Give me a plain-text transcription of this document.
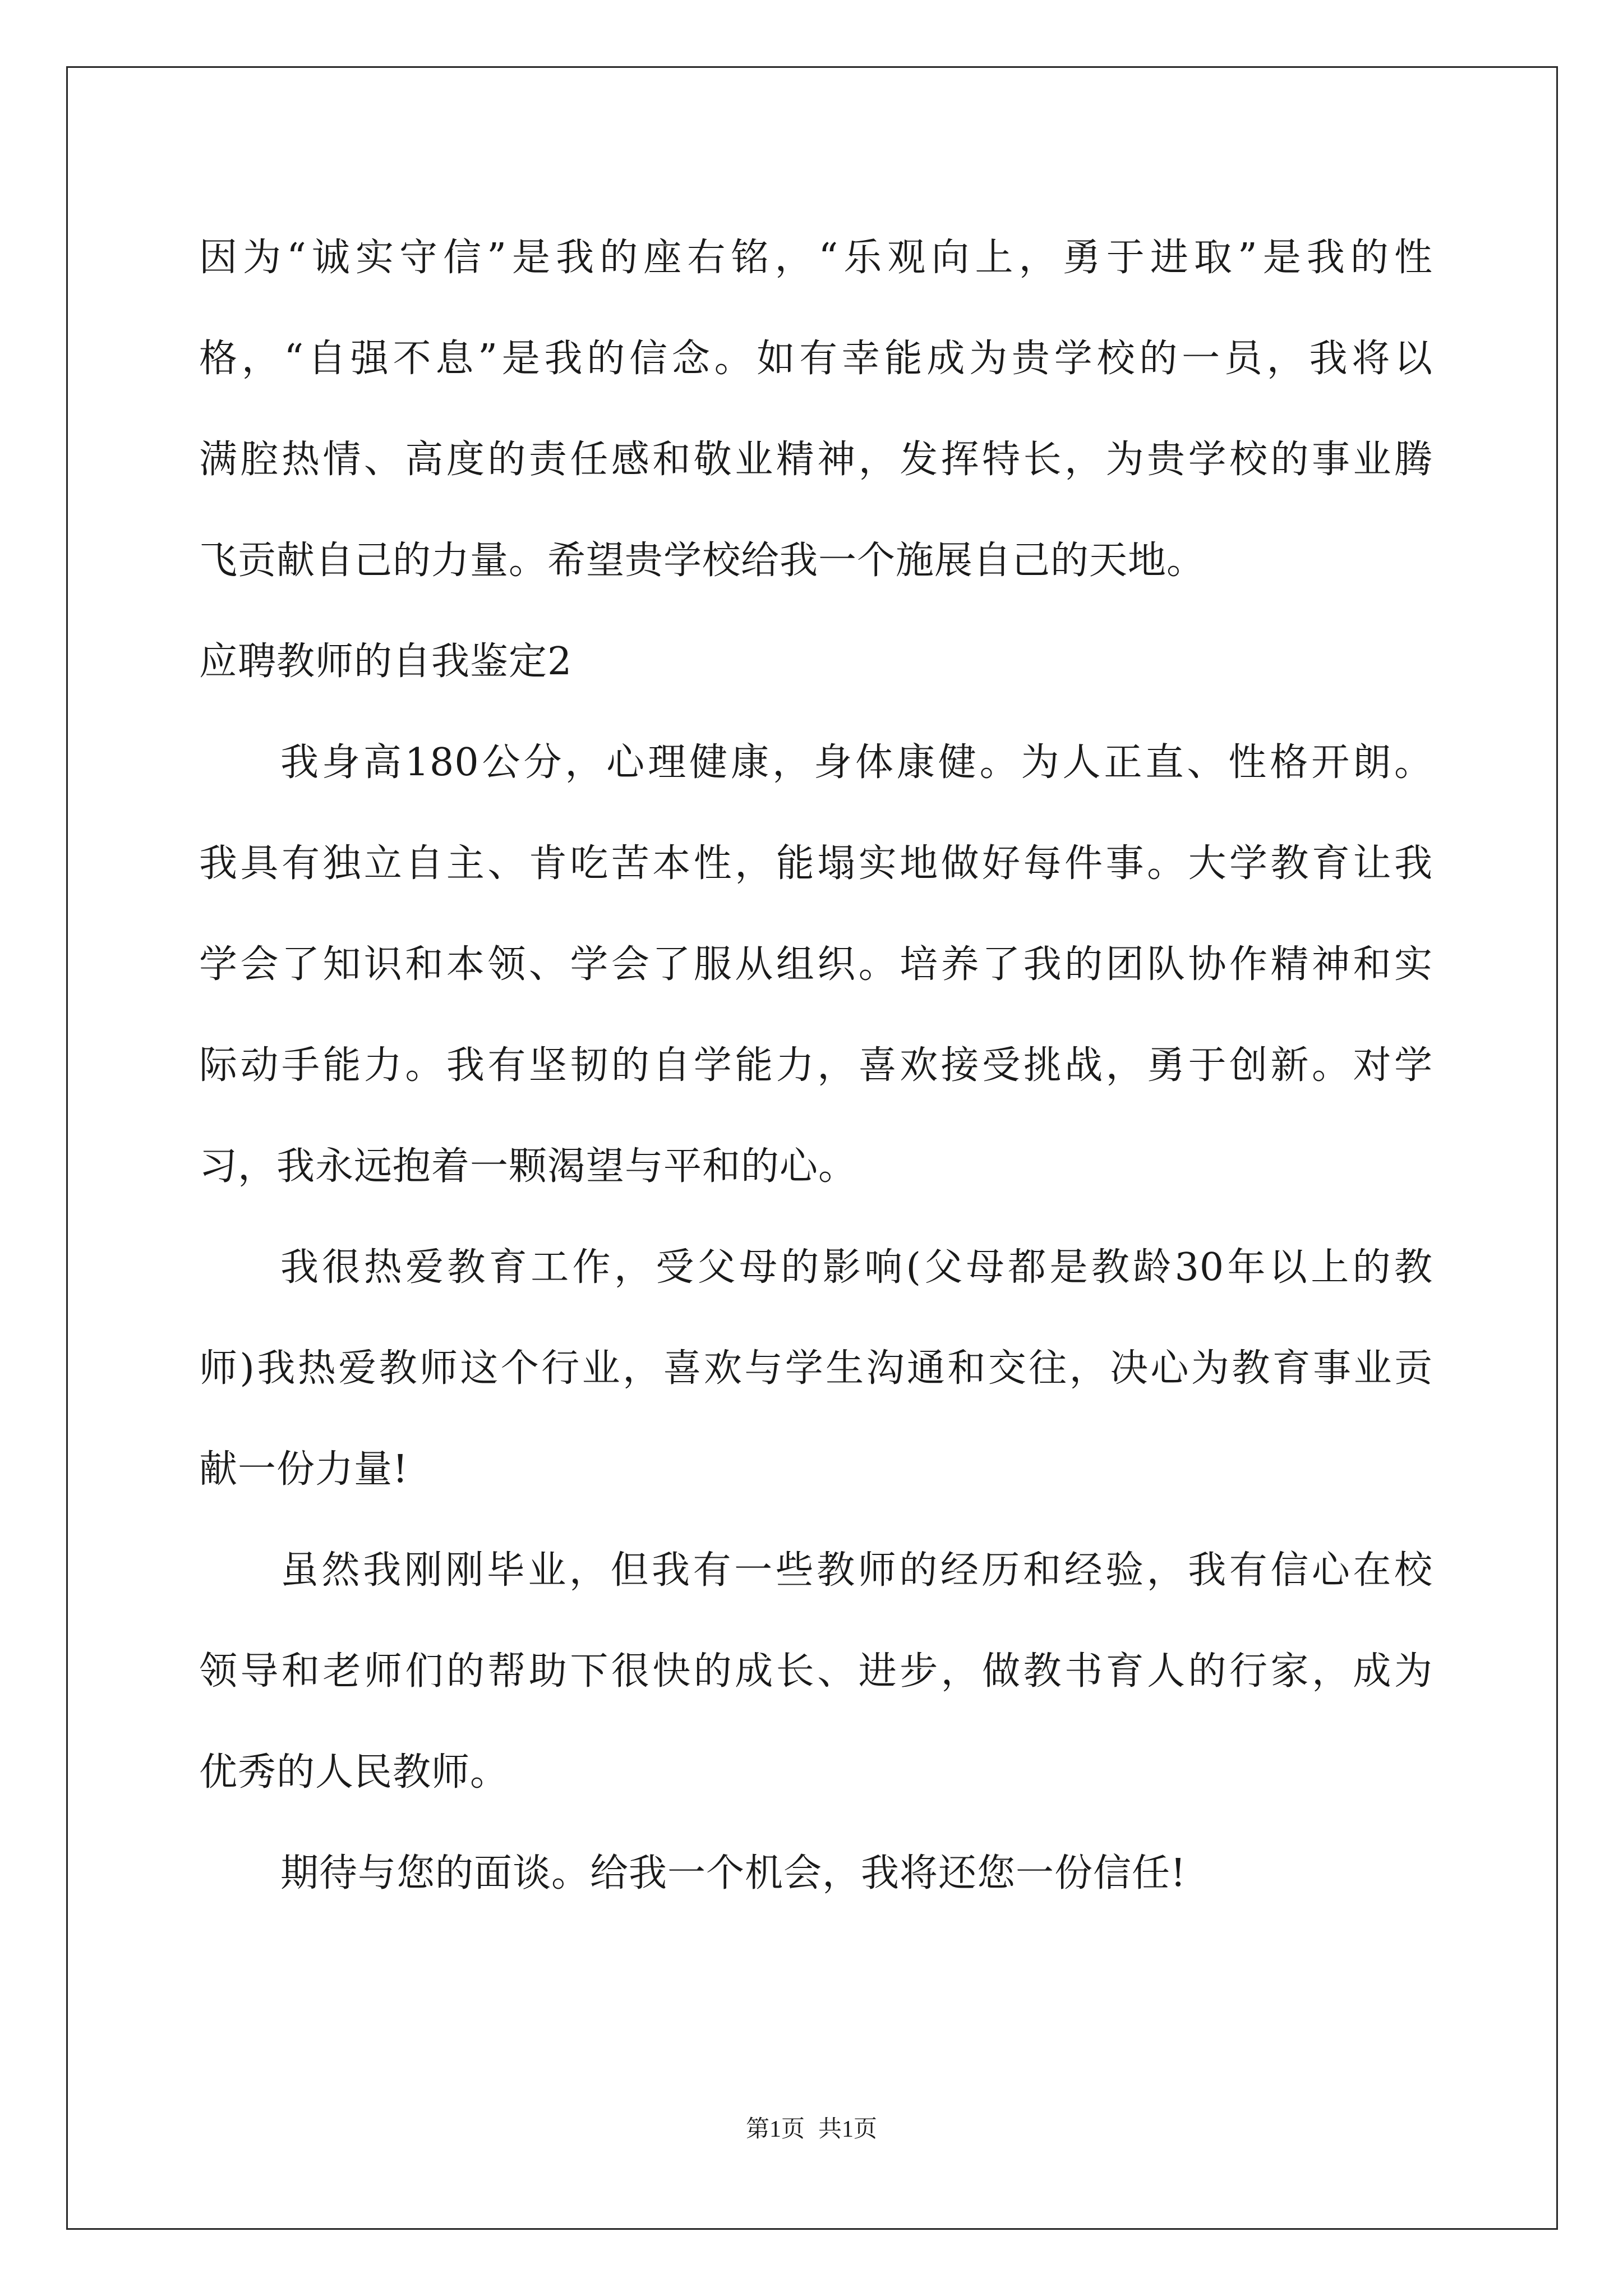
因为“诚实守信”是我的座右铭，“乐观向上，勇于进取”是我的性
格，“自强不息”是我的信念。如有幸能成为贵学校的一员，我将以
满腔热情、高度的责任感和敬业精神，发挥特长，为贵学校的事业腾
飞贡献自己的力量。希望贵学校给我一个施展自己的天地。
应聘教师的自我鉴定2
我身高180公分，心理健康，身体康健。为人正直、性格开朗。
我具有独立自主、肯吃苦本性，能塌实地做好每件事。大学教育让我
学会了知识和本领、学会了服从组织。培养了我的团队协作精神和实
际动手能力。我有坚韧的自学能力，喜欢接受挑战，勇于创新。对学
习，我永远抱着一颗渴望与平和的心。
我很热爱教育工作，受父母的影响(父母都是教龄30年以上的教
师)我热爱教师这个行业，喜欢与学生沟通和交往，决心为教育事业贡
献一份力量!
虽然我刚刚毕业，但我有一些教师的经历和经验，我有信心在校
领导和老师们的帮助下很快的成长、进步，做教书育人的行家，成为
优秀的人民教师。
期待与您的面谈。给我一个机会，我将还您一份信任!
第1页 共1页
